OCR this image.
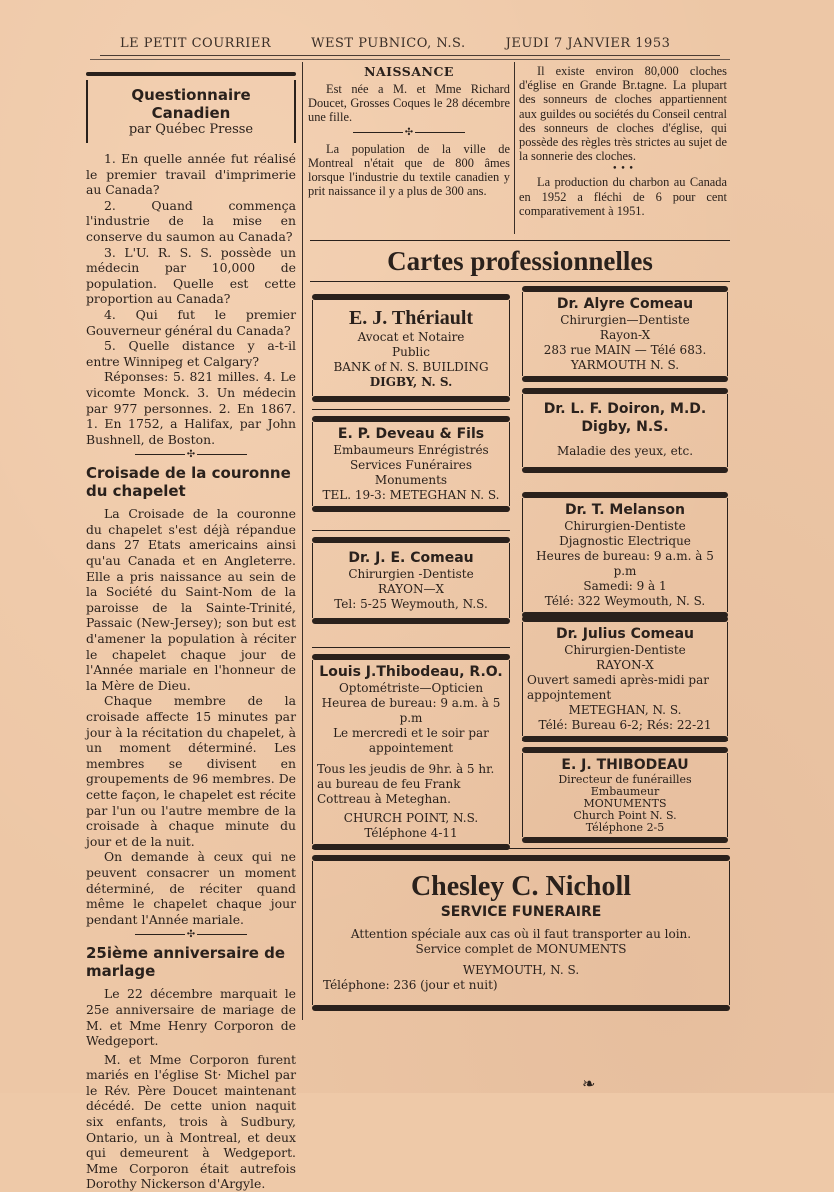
LE PETIT COURRIER	WEST PUBNICO, N.S.	JEUDI 7 JANVIER 1953
Questionnaire Canadien
par Québec Presse

1. En quelle année fut réalisé le premier travail d'imprimerie au Canada?

2. Quand commença l'industrie de la mise en conserve du saumon au Canada?

3. L'U. R. S. S. possède un médecin par 10,000 de population. Quelle est cette proportion au Canada?

4. Qui fut le premier Gouverneur général du Canada?

5. Quelle distance y a-t-il entre Winnipeg et Calgary?

Réponses: 5. 821 milles. 4. Le vicomte Monck. 3. Un médecin par 977 personnes. 2. En 1867. 1. En 1752, a Halifax, par John Bushnell, de Boston.

✣
Croisade de la couronne du chapelet

La Croisade de la couronne du chapelet s'est déjà répandue dans 27 Etats americains ainsi qu'au Canada et en Angleterre. Elle a pris naissance au sein de la Société du Saint-Nom de la paroisse de la Sainte-Trinité, Passaic (New-Jersey); son but est d'amener la population à réciter le chapelet chaque jour de l'Année mariale en l'honneur de la Mère de Dieu.

Chaque membre de la croisade affecte 15 minutes par jour à la récitation du chapelet, à un moment déterminé. Les membres se divisent en groupements de 96 membres. De cette façon, le chapelet est récite par l'un ou l'autre membre de la croisade à chaque minute du jour et de la nuit.

On demande à ceux qui ne peuvent consacrer un moment déterminé, de réciter quand même le chapelet chaque jour pendant l'Année mariale.

✣
25ième anniversaire de marlage

Le 22 décembre marquait le 25e anniversaire de mariage de M. et Mme Henry Corporon de Wedgeport.

M. et Mme Corporon furent mariés en l'église St· Michel par le Rév. Père Doucet maintenant décédé. De cette union naquit six enfants, trois à Sudbury, Ontario, un à Montreal, et deux qui demeurent à Wedgeport. Mme Corporon était autrefois Dorothy Nickerson d'Argyle.

NAISSANCE

Est née a M. et Mme Richard Doucet, Grosses Coques le 28 décembre une fille.

✣

La population de la ville de Montreal n'était que de 800 âmes lorsque l'industrie du textile canadien y prit naissance il y a plus de 300 ans.

Il existe environ 80,000 cloches d'église en Grande Br.tagne. La plupart des sonneurs de cloches appartiennent aux guildes ou sociétés du Conseil central des sonneurs de cloches d'église, qui possède des règles très strictes au sujet de la sonnerie des cloches.

• • •

La production du charbon au Canada en 1952 a fléchi de 6 pour cent comparativement à 1951.

Cartes professionnelles
E. J. Thériault
Avocat et Notaire
Public
BANK of N. S. BUILDING
DIGBY, N. S.
Dr. Alyre Comeau
Chirurgien—Dentiste
Rayon-X
283 rue MAIN — Télé 683.
YARMOUTH N. S.
Dr. L. F. Doiron, M.D.
Digby, N.S.
Maladie des yeux, etc.
E. P. Deveau & Fils
Embaumeurs Enrégistrés
Services Funéraires
Monuments
TEL. 19-3: METEGHAN N. S.
Dr. T. Melanson
Chirurgien-Dentiste
Djagnostic Electrique
Heures de bureau: 9 a.m. à 5 p.m
Samedi: 9 à 1
Télé: 322 Weymouth, N. S.
Dr. J. E. Comeau
Chirurgien -Dentiste
RAYON—X
Tel: 5-25 Weymouth, N.S.
Dr. Julius Comeau
Chirurgien-Dentiste
RAYON-X
Ouvert samedi après-midi par appojntement
METEGHAN, N. S.
Télé: Bureau 6-2; Rés: 22-21
Louis J.Thibodeau, R.O.
Optométriste—Opticien
Heurea de bureau: 9 a.m. à 5 p.m
Le mercredi et le soir par appointement
Tous les jeudis de 9hr. à 5 hr. au bureau de feu Frank Cottreau à Meteghan.
CHURCH POINT, N.S.
Téléphone 4-11
E. J. THIBODEAU
Directeur de funérailles
Embaumeur
MONUMENTS
Church Point N. S.
Téléphone 2-5
Chesley C. Nicholl
SERVICE FUNERAIRE
Attention spéciale aux cas où il faut transporter au loin.
Service complet de MONUMENTS
WEYMOUTH, N. S.
Téléphone: 236 (jour et nuit)
❧
